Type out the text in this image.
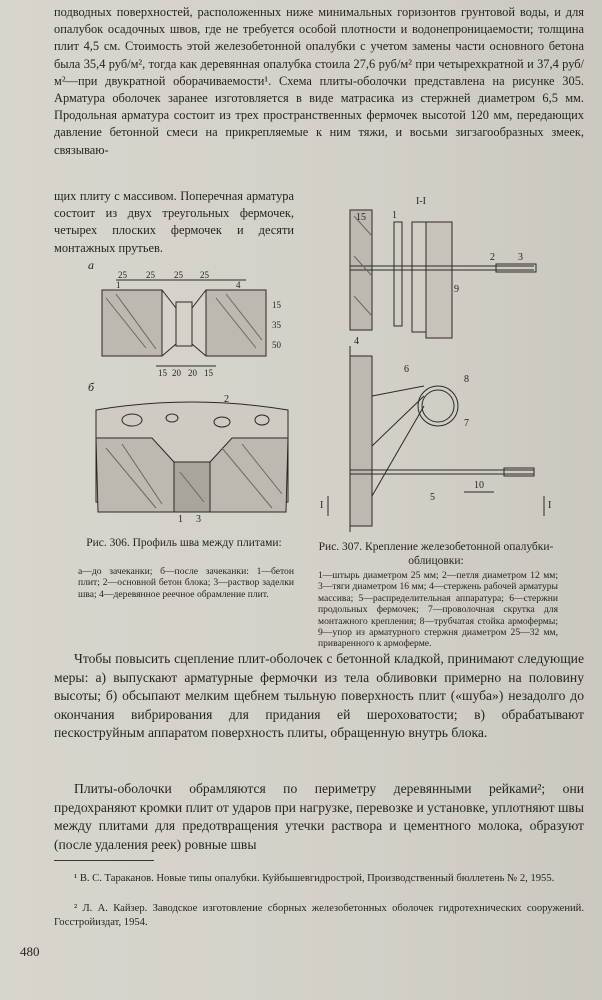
подводных поверхностей, расположенных ниже минимальных горизонтов грунтовой воды, и для опалубок осадочных швов, где не требуется особой плотности и водонепроницаемости; толщина плит 4,5 см. Стоимость этой железобетонной опалубки с учетом замены части основного бетона была 35,4 руб/м², тогда как деревянная опалубка стоила 27,6 руб/м² при четырехкратной и 37,4 руб/м²—при двукратной оборачиваемости¹. Схема плиты-оболочки представлена на рисунке 305. Арматура оболочек заранее изготовляется в виде матрасика из стержней диаметром 6,5 мм. Продольная арматура состоит из трех пространственных фермочек высотой 120 мм, передающих давление бетонной смеси на прикрепляемые к ним тяжи, и восьми зигзагообразных змеек, связываю-

щих плиту с массивом. Поперечная арматура состоит из двух треугольных фермочек, четырех плоских фермочек и десяти монтажных прутьев.

а
25 25 25 25
15 20 20 15
15
35
50
1	4
б
2
1 3

Рис. 306. Профиль шва между плитами:

а—до зачеканки; б—после зачеканки: 1—бетон плит; 2—основной бетон блока; 3—раствор заделки шва; 4—деревянное реечное обрамление плит.

I-I
15
10
I	I
1
2 3
4
5
6
7
8
9

Рис. 307. Крепление железобетонной опалубки-облицовки:

1—штырь диаметром 25 мм; 2—петля диаметром 12 мм; 3—тяги диаметром 16 мм; 4—стержень рабочей арматуры массива; 5—распределительная аппаратура; 6—стержни продольных фермочек; 7—проволочная скрутка для монтажного крепления; 8—трубчатая стойка армофермы; 9—упор из арматурного стержня диаметром 25—32 мм, приваренного к армоферме.

Чтобы повысить сцепление плит-оболочек с бетонной кладкой, принимают следующие меры: а) выпускают арматурные фермочки из тела обливовки примерно на половину высоты; б) обсыпают мелким щебнем тыльную поверхность плит («шуба») незадолго до окончания вибрирования для придания ей шероховатости; в) обрабатывают пескоструйным аппаратом поверхность плиты, обращенную внутрь блока.

Плиты-оболочки обрамляются по периметру деревянными рейками²; они предохраняют кромки плит от ударов при нагрузке, перевозке и установке, уплотняют швы между плитами для предотвращения утечки раствора и цементного молока, образуют (после удаления реек) ровные швы

¹ В. С. Тараканов. Новые типы опалубки. Куйбышевгидрострой, Производственный бюллетень № 2, 1955.

² Л. А. Кайзер. Заводское изготовление сборных железобетонных оболочек гидротехнических сооружений. Госстройиздат, 1954.

480
